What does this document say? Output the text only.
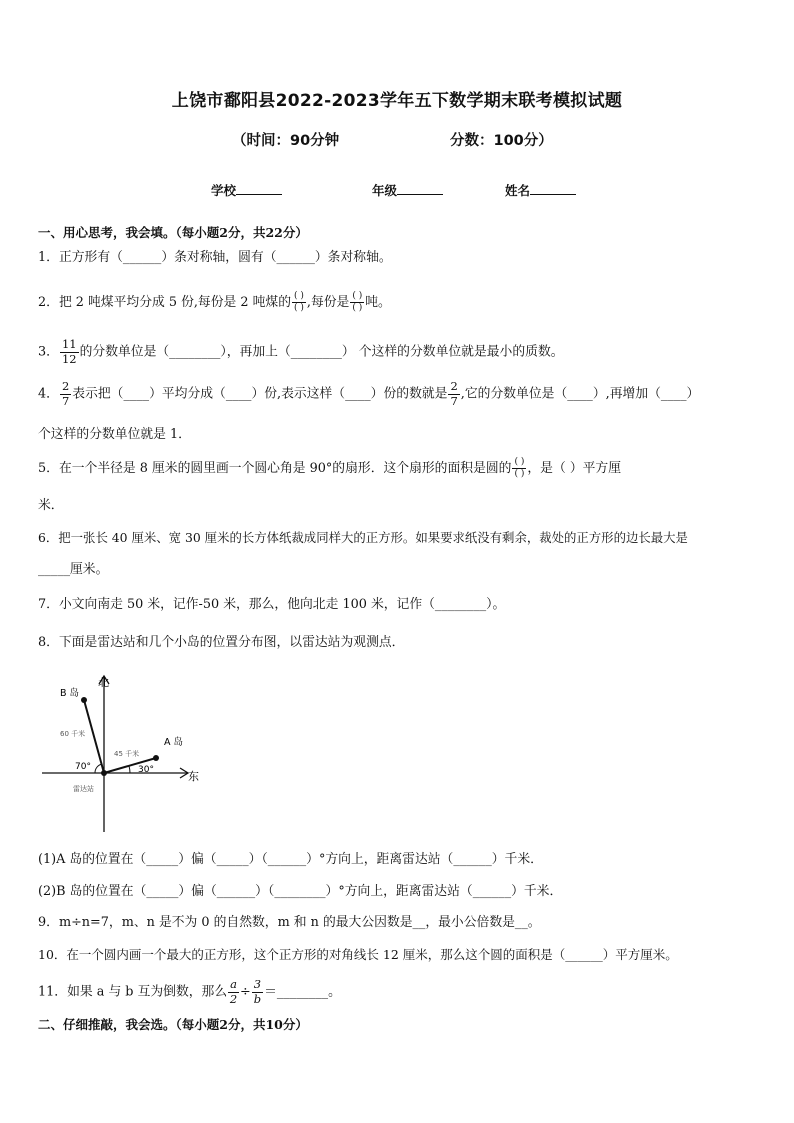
上饶市鄱阳县2022-2023学年五下数学期末联考模拟试题
（时间：90分钟	分数：100分）
学校	年级	姓名
一、用心思考，我会填。（每小题2分，共22分）
1．正方形有（______）条对称轴，圆有（______）条对称轴。
2．把 2 吨煤平均分成 5 份,每份是 2 吨煤的 $\frac{( )}{( )}$ ,每份是 $\frac{( )}{( )}$ 吨。
3． $\frac{11}{12}$ 的分数单位是（________），再加上（________） 个这样的分数单位就是最小的质数。
4． $\frac{2}{7}$ 表示把（____）平均分成（____）份,表示这样（____）份的数就是 $\frac{2}{7}$ ,它的分数单位是（____）,再增加（____）
个这样的分数单位就是 1．
5．在一个半径是 8 厘米的圆里画一个圆心角是 90°的扇形．这个扇形的面积是圆的 $\frac{( )}{( )}$ ，是（ ）平方厘
米．
6．把一张长 40 厘米、宽 30 厘米的长方体纸裁成同样大的正方形。如果要求纸没有剩余，裁处的正方形的边长最大是
_____厘米。
7．小文向南走 50 米，记作-50 米，那么，他向北走 100 米，记作（________）。
8．下面是雷达站和几个小岛的位置分布图，以雷达站为观测点．
北
东
B 岛
A 岛
60 千米
45 千米
70°	30°
雷达站
(1)A 岛的位置在（_____）偏（_____）（______）°方向上，距离雷达站（______）千米．
(2)B 岛的位置在（_____）偏（______）（________）°方向上，距离雷达站（______）千米．
9．m÷n=7，m、n 是不为 0 的自然数，m 和 n 的最大公因数是__，最小公倍数是__。
10．在一个圆内画一个最大的正方形，这个正方形的对角线长 12 厘米，那么这个圆的面积是（______）平方厘米。
11．如果 a 与 b 互为倒数，那么 $\frac{a}{2} \div \frac{3}{b}$ ＝________。
二、仔细推敲，我会选。（每小题2分，共10分）
